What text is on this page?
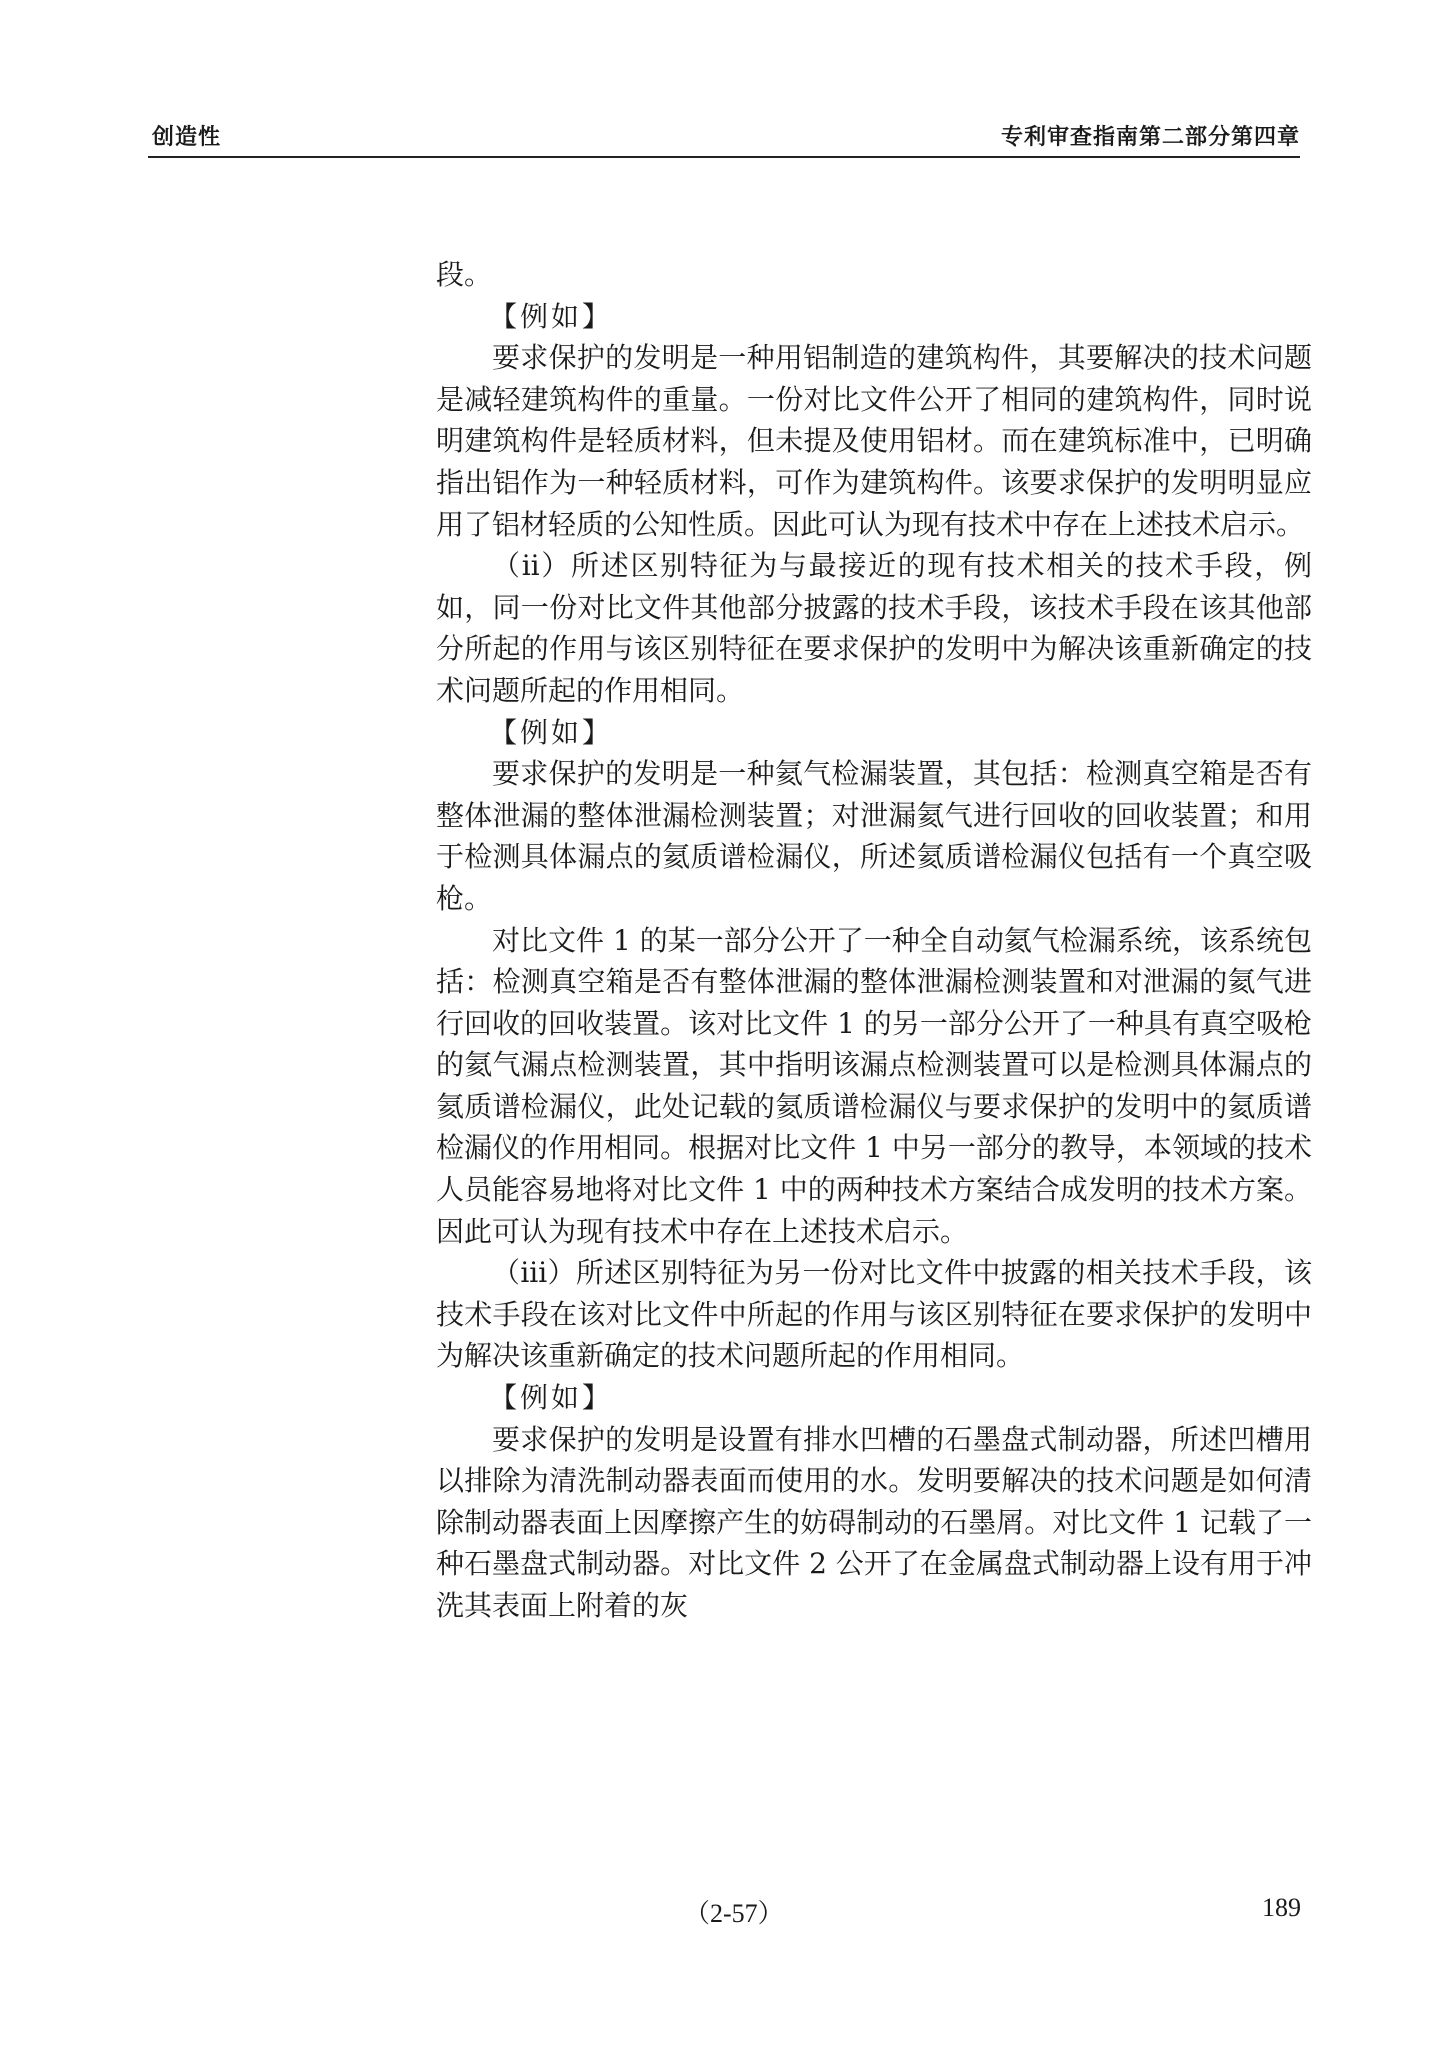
创造性	专利审查指南第二部分第四章

段。

【例如】

要求保护的发明是一种用铝制造的建筑构件，其要解决的技术问题是减轻建筑构件的重量。一份对比文件公开了相同的建筑构件，同时说明建筑构件是轻质材料，但未提及使用铝材。而在建筑标准中，已明确指出铝作为一种轻质材料，可作为建筑构件。该要求保护的发明明显应用了铝材轻质的公知性质。因此可认为现有技术中存在上述技术启示。

（ii）所述区别特征为与最接近的现有技术相关的技术手段，例如，同一份对比文件其他部分披露的技术手段，该技术手段在该其他部分所起的作用与该区别特征在要求保护的发明中为解决该重新确定的技术问题所起的作用相同。

【例如】

要求保护的发明是一种氦气检漏装置，其包括：检测真空箱是否有整体泄漏的整体泄漏检测装置；对泄漏氦气进行回收的回收装置；和用于检测具体漏点的氦质谱检漏仪，所述氦质谱检漏仪包括有一个真空吸枪。

对比文件 1 的某一部分公开了一种全自动氦气检漏系统，该系统包括：检测真空箱是否有整体泄漏的整体泄漏检测装置和对泄漏的氦气进行回收的回收装置。该对比文件 1 的另一部分公开了一种具有真空吸枪的氦气漏点检测装置，其中指明该漏点检测装置可以是检测具体漏点的氦质谱检漏仪，此处记载的氦质谱检漏仪与要求保护的发明中的氦质谱检漏仪的作用相同。根据对比文件 1 中另一部分的教导，本领域的技术人员能容易地将对比文件 1 中的两种技术方案结合成发明的技术方案。因此可认为现有技术中存在上述技术启示。

（iii）所述区别特征为另一份对比文件中披露的相关技术手段，该技术手段在该对比文件中所起的作用与该区别特征在要求保护的发明中为解决该重新确定的技术问题所起的作用相同。

【例如】

要求保护的发明是设置有排水凹槽的石墨盘式制动器，所述凹槽用以排除为清洗制动器表面而使用的水。发明要解决的技术问题是如何清除制动器表面上因摩擦产生的妨碍制动的石墨屑。对比文件 1 记载了一种石墨盘式制动器。对比文件 2 公开了在金属盘式制动器上设有用于冲洗其表面上附着的灰

（2-57）	189
